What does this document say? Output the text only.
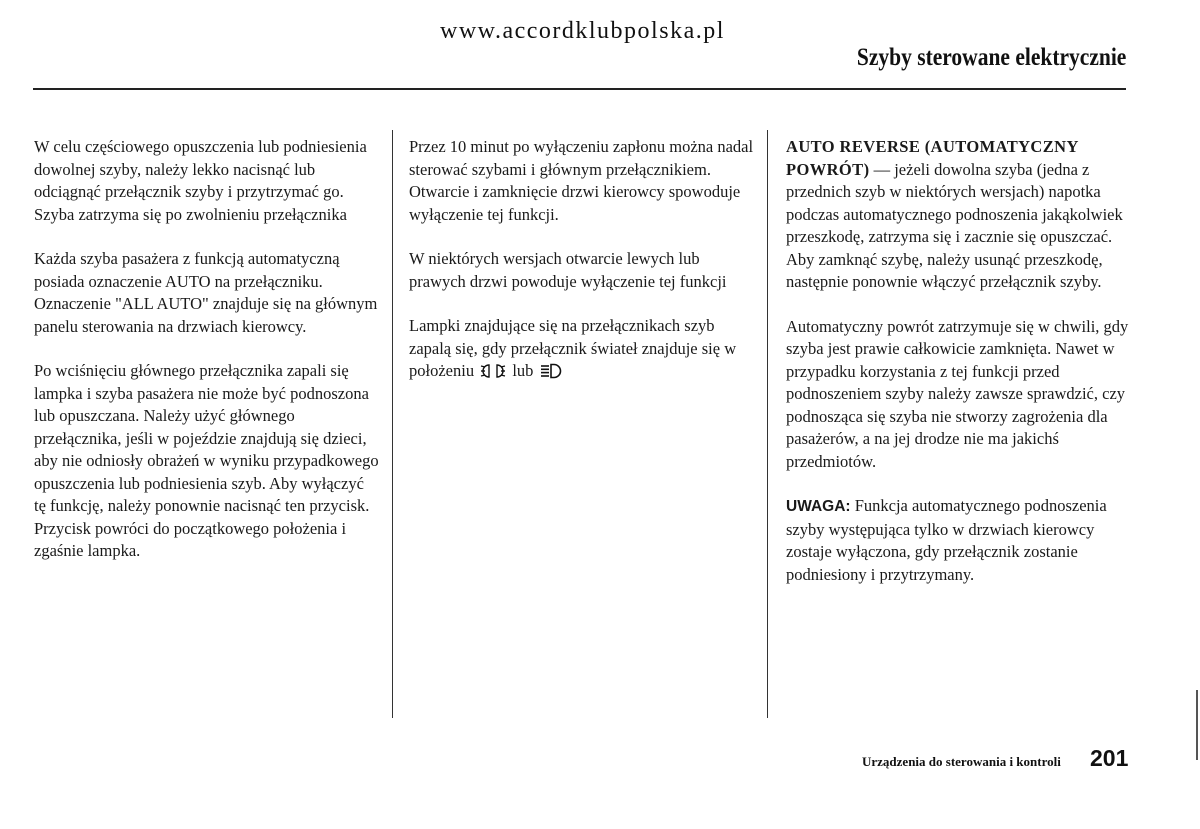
www.accordklubpolska.pl
Szyby sterowane elektrycznie

W celu częściowego opuszczenia lub podniesienia dowolnej szyby, należy lekko nacisnąć lub odciągnąć przełącznik szyby i przytrzymać go. Szyba zatrzyma się po zwolnieniu przełącznika

Każda szyba pasażera z funkcją automatyczną posiada oznaczenie AUTO na przełączniku. Oznaczenie "ALL AUTO" znajduje się na głównym panelu sterowania na drzwiach kierowcy.

Po wciśnięciu głównego przełącznika zapali się lampka i szyba pasażera nie może być podnoszona lub opuszczana. Należy użyć głównego przełącznika, jeśli w pojeździe znajdują się dzieci, aby nie odniosły obrażeń w wyniku przypadkowego opuszczenia lub podniesienia szyb. Aby wyłączyć tę funkcję, należy ponownie nacisnąć ten przycisk. Przycisk powróci do początkowego położenia i zgaśnie lampka.

Przez 10 minut po wyłączeniu zapłonu można nadal sterować szybami i głównym przełącznikiem. Otwarcie i zamknięcie drzwi kierowcy spowoduje wyłączenie tej funkcji.

W niektórych wersjach otwarcie lewych lub prawych drzwi powoduje wyłączenie tej funkcji

Lampki znajdujące się na przełącznikach szyb zapalą się, gdy przełącznik świateł znajduje się w położeniu lub

AUTO REVERSE (AUTOMATYCZNY POWRÓT) — jeżeli dowolna szyba (jedna z przednich szyb w niektórych wersjach) napotka podczas automatycznego podnoszenia jakąkolwiek przeszkodę, zatrzyma się i zacznie się opuszczać. Aby zamknąć szybę, należy usunąć przeszkodę, następnie ponownie włączyć przełącznik szyby.

Automatyczny powrót zatrzymuje się w chwili, gdy szyba jest prawie całkowicie zamknięta. Nawet w przypadku korzystania z tej funkcji przed podnoszeniem szyby należy zawsze sprawdzić, czy podnosząca się szyba nie stworzy zagrożenia dla pasażerów, a na jej drodze nie ma jakichś przedmiotów.

UWAGA: Funkcja automatycznego podnoszenia szyby występująca tylko w drzwiach kierowcy zostaje wyłączona, gdy przełącznik zostanie podniesiony i przytrzymany.

Urządzenia do sterowania i kontroli 201
